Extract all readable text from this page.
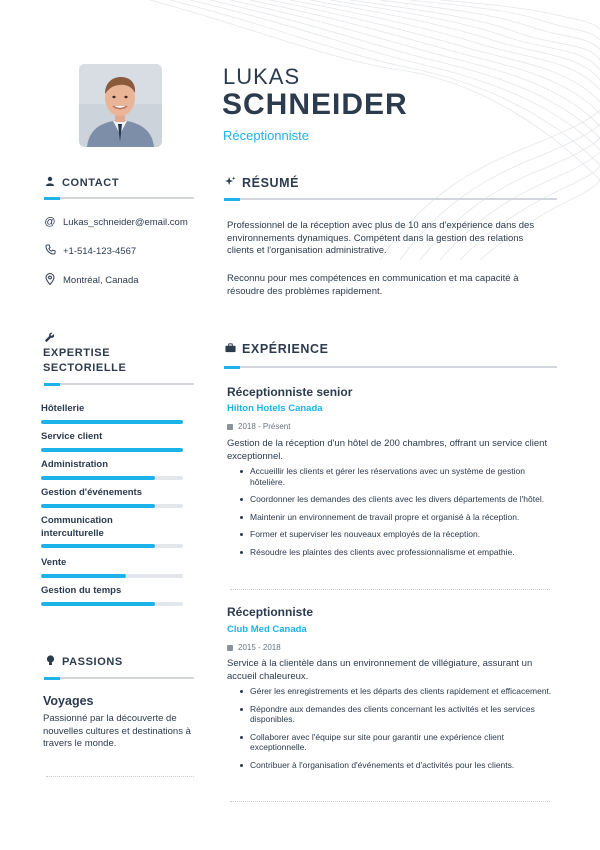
LUKAS
SCHNEIDER
Réceptionniste
CONTACT
@ Lukas_schneider@email.com
+1-514-123-4567
Montréal, Canada
EXPERTISE
SECTORIELLE
Hôtellerie
Service client
Administration
Gestion d'événements
Communication interculturelle
Vente
Gestion du temps
PASSIONS
Voyages
Passionné par la découverte de nouvelles cultures et destinations à travers le monde.
RÉSUMÉ
Professionnel de la réception avec plus de 10 ans d'expérience dans des environnements dynamiques. Compétent dans la gestion des relations clients et l'organisation administrative.
Reconnu pour mes compétences en communication et ma capacité à résoudre des problèmes rapidement.
EXPÉRIENCE
Réceptionniste senior
Hilton Hotels Canada
2018 - Présent
Gestion de la réception d'un hôtel de 200 chambres, offrant un service client exceptionnel.
Accueillir les clients et gérer les réservations avec un système de gestion hôtelière.
Coordonner les demandes des clients avec les divers départements de l'hôtel.
Maintenir un environnement de travail propre et organisé à la réception.
Former et superviser les nouveaux employés de la réception.
Résoudre les plaintes des clients avec professionnalisme et empathie.
Réceptionniste
Club Med Canada
2015 - 2018
Service à la clientèle dans un environnement de villégiature, assurant un accueil chaleureux.
Gérer les enregistrements et les départs des clients rapidement et efficacement.
Répondre aux demandes des clients concernant les activités et les services disponibles.
Collaborer avec l'équipe sur site pour garantir une expérience client exceptionnelle.
Contribuer à l'organisation d'événements et d'activités pour les clients.
